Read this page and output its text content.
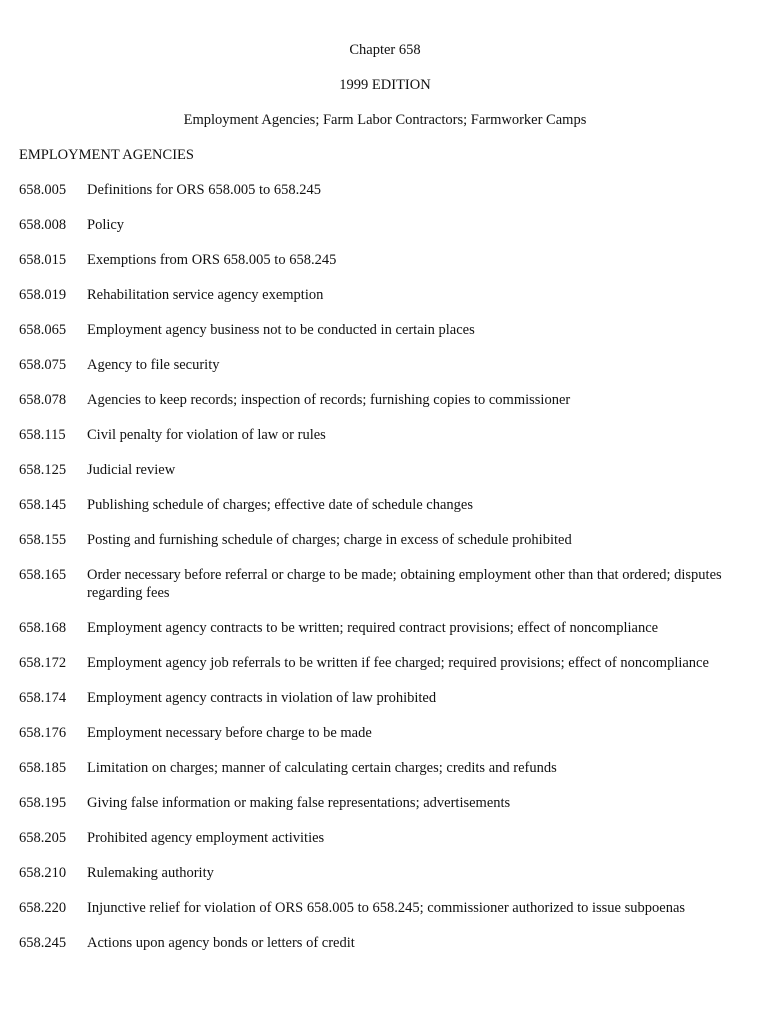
Chapter 658
1999 EDITION
Employment Agencies; Farm Labor Contractors; Farmworker Camps
EMPLOYMENT AGENCIES
658.005	Definitions for ORS 658.005 to 658.245
658.008	Policy
658.015	Exemptions from ORS 658.005 to 658.245
658.019	Rehabilitation service agency exemption
658.065	Employment agency business not to be conducted in certain places
658.075	Agency to file security
658.078	Agencies to keep records; inspection of records; furnishing copies to commissioner
658.115	Civil penalty for violation of law or rules
658.125	Judicial review
658.145	Publishing schedule of charges; effective date of schedule changes
658.155	Posting and furnishing schedule of charges; charge in excess of schedule prohibited
658.165	Order necessary before referral or charge to be made; obtaining employment other than that ordered; disputes regarding fees
658.168	Employment agency contracts to be written; required contract provisions; effect of noncompliance
658.172	Employment agency job referrals to be written if fee charged; required provisions; effect of noncompliance
658.174	Employment agency contracts in violation of law prohibited
658.176	Employment necessary before charge to be made
658.185	Limitation on charges; manner of calculating certain charges; credits and refunds
658.195	Giving false information or making false representations; advertisements
658.205	Prohibited agency employment activities
658.210	Rulemaking authority
658.220	Injunctive relief for violation of ORS 658.005 to 658.245; commissioner authorized to issue subpoenas
658.245	Actions upon agency bonds or letters of credit
